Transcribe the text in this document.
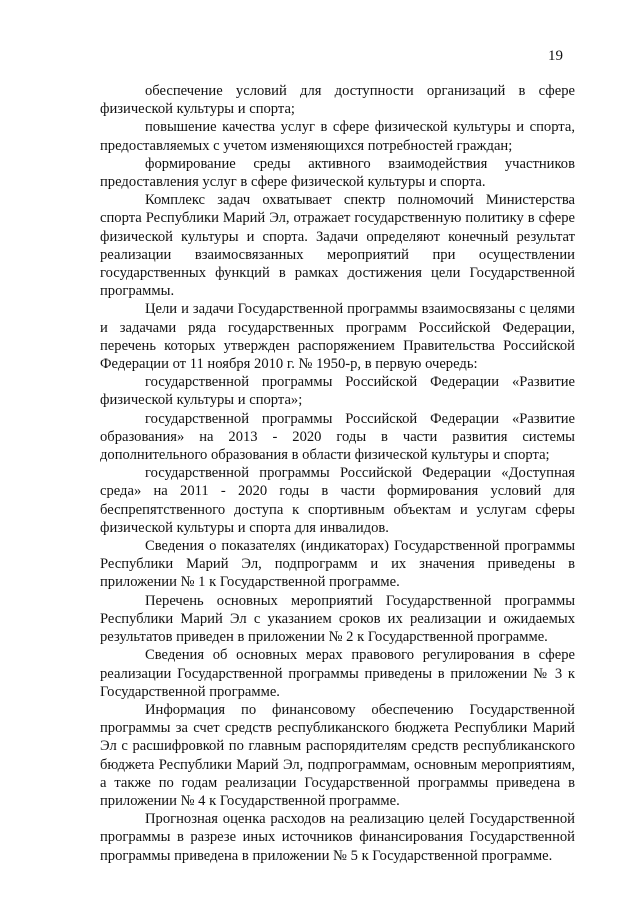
19

обеспечение условий для доступности организаций в сфере физической культуры и спорта;

повышение качества услуг в сфере физической культуры и спорта, предоставляемых с учетом изменяющихся потребностей граждан;

формирование среды активного взаимодействия участников предоставления услуг в сфере физической культуры и спорта.

Комплекс задач охватывает спектр полномочий Министерства спорта Республики Марий Эл, отражает государственную политику в сфере физической культуры и спорта. Задачи определяют конечный результат реализации взаимосвязанных мероприятий при осуществлении государственных функций в рамках достижения цели Государственной программы.

Цели и задачи Государственной программы взаимосвязаны с целями и задачами ряда государственных программ Российской Федерации, перечень которых утвержден распоряжением Правительства Российской Федерации от 11 ноября 2010 г. № 1950-р, в первую очередь:

государственной программы Российской Федерации «Развитие физической культуры и спорта»;

государственной программы Российской Федерации «Развитие образования» на 2013 - 2020 годы в части развития системы дополнительного образования в области физической культуры и спорта;

государственной программы Российской Федерации «Доступная среда» на 2011 - 2020 годы в части формирования условий для беспрепятственного доступа к спортивным объектам и услугам сферы физической культуры и спорта для инвалидов.

Сведения о показателях (индикаторах) Государственной программы Республики Марий Эл, подпрограмм и их значения приведены в приложении № 1 к Государственной программе.

Перечень основных мероприятий Государственной программы Республики Марий Эл с указанием сроков их реализации и ожидаемых результатов приведен в приложении № 2 к Государственной программе.

Сведения об основных мерах правового регулирования в сфере реализации Государственной программы приведены в приложении № 3 к Государственной программе.

Информация по финансовому обеспечению Государственной программы за счет средств республиканского бюджета Республики Марий Эл с расшифровкой по главным распорядителям средств республиканского бюджета Республики Марий Эл, подпрограммам, основным мероприятиям, а также по годам реализации Государственной программы приведена в приложении № 4 к Государственной программе.

Прогнозная оценка расходов на реализацию целей Государственной программы в разрезе иных источников финансирования Государственной программы приведена в приложении № 5 к Государственной программе.
